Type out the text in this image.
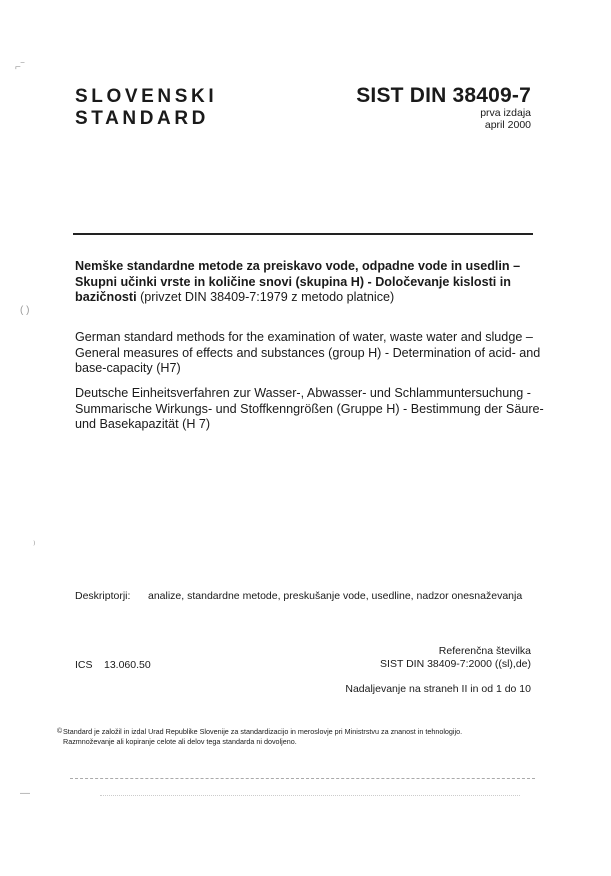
⌐‾
( )
⁾
—
SLOVENSKI
STANDARD
SIST DIN 38409-7
prva izdaja
april 2000
Nemške standardne metode za preiskavo vode, odpadne vode in usedlin – Skupni učinki vrste in količine snovi (skupina H) - Določevanje kislosti in bazičnosti (privzet DIN 38409-7:1979 z metodo platnice)
German standard methods for the examination of water, waste water and sludge – General measures of effects and substances (group H) - Determination of acid- and base-capacity (H7)
Deutsche Einheitsverfahren zur Wasser-, Abwasser- und Schlammuntersuchung - Summarische Wirkungs- und Stoffkenngrößen (Gruppe H) - Bestimmung der Säure- und Basekapazität (H 7)
Deskriptorji: analize, standardne metode, preskušanje vode, usedline, nadzor onesnaževanja
Referenčna številka
SIST DIN 38409-7:2000 ((sl),de)
ICS 13.060.50
Nadaljevanje na straneh II in od 1 do 10
© Standard je založil in izdal Urad Republike Slovenije za standardizacijo in meroslovje pri Ministrstvu za znanost in tehnologijo.
Razmnoževanje ali kopiranje celote ali delov tega standarda ni dovoljeno.
